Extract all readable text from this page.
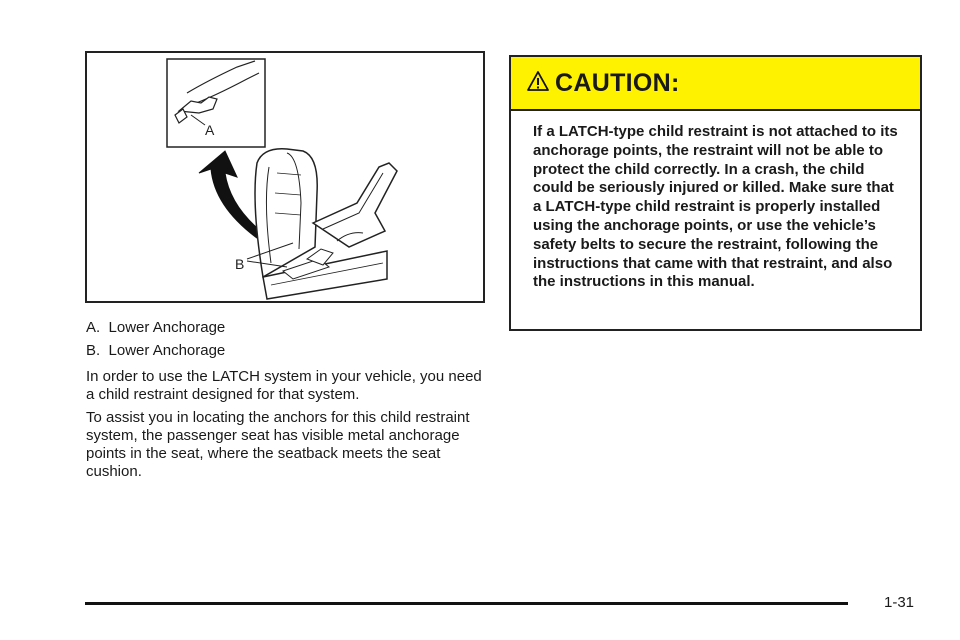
A
B
A. Lower Anchorage
B. Lower Anchorage

In order to use the LATCH system in your vehicle, you need a child restraint designed for that system.

To assist you in locating the anchors for this child restraint system, the passenger seat has visible metal anchorage points in the seat, where the seatback meets the seat cushion.

CAUTION:
If a LATCH-type child restraint is not attached to its anchorage points, the restraint will not be able to protect the child correctly. In a crash, the child could be seriously injured or killed. Make sure that a LATCH-type child restraint is properly installed using the anchorage points, or use the vehicle’s safety belts to secure the restraint, following the instructions that came with that restraint, and also the instructions in this manual.
1-31
